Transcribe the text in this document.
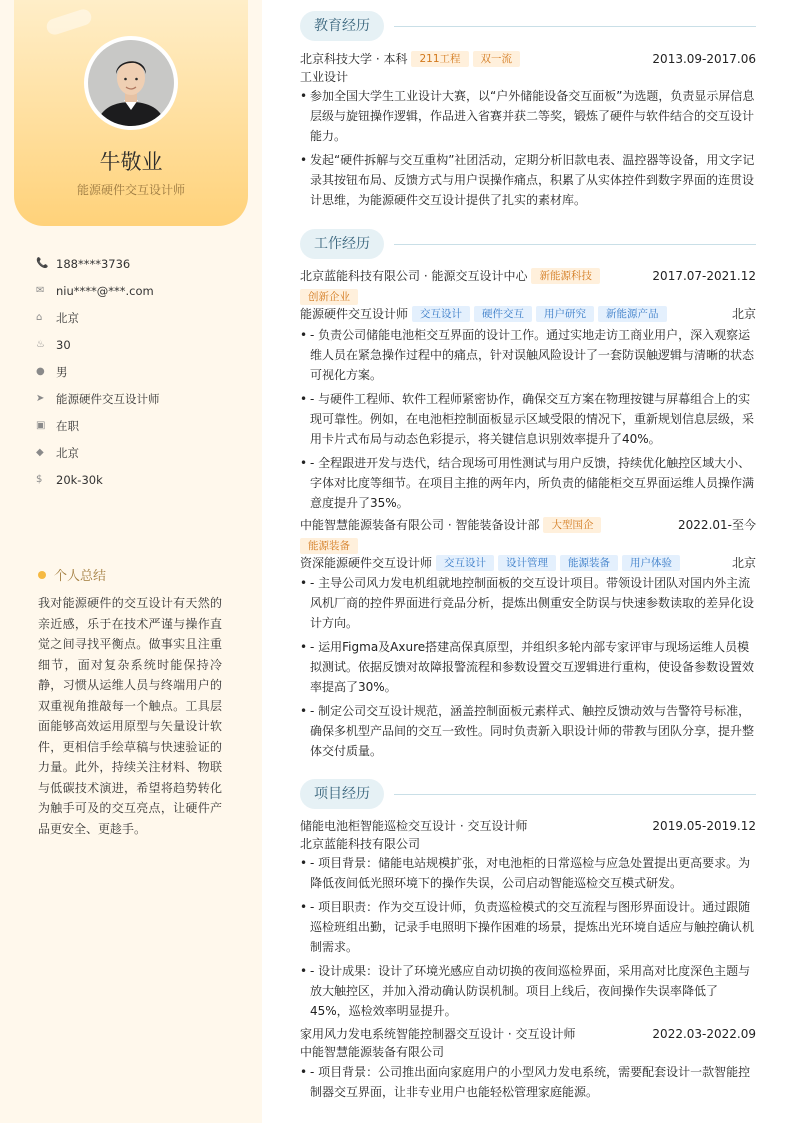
牛敬业
能源硬件交互设计师
📞 188****3736
✉	niu****@***.com
⌂	北京
♨ 30
● 男
➤	能源硬件交互设计师
▣ 在职
◆	北京
$	20k-30k
个人总结
我对能源硬件的交互设计有天然的亲近感，乐于在技术严谨与操作直觉之间寻找平衡点。做事实且注重细节，面对复杂系统时能保持冷静，习惯从运维人员与终端用户的双重视角推敲每一个触点。工具层面能够高效运用原型与矢量设计软件，更相信手绘草稿与快速验证的力量。此外，持续关注材料、物联与低碳技术演进，希望将趋势转化为触手可及的交互亮点，让硬件产品更安全、更趁手。
教育经历
北京科技大学 · 本科 211工程 双一流	2013.09-2017.06
工业设计
• 参加全国大学生工业设计大赛，以“户外储能设备交互面板”为选题，负责显示屏信息层级与旋钮操作逻辑，作品进入省赛并获二等奖，锻炼了硬件与软件结合的交互设计能力。
• 发起“硬件拆解与交互重构”社团活动，定期分析旧款电表、温控器等设备，用文字记录其按钮布局、反馈方式与用户误操作痛点，积累了从实体控件到数字界面的连贯设计思维，为能源硬件交互设计提供了扎实的素材库。
工作经历
北京蓝能科技有限公司 · 能源交互设计中心 新能源科技	2017.07-2021.12
创新企业
能源硬件交互设计师 交互设计 硬件交互 用户研究 新能源产品	北京
• - 负责公司储能电池柜交互界面的设计工作。通过实地走访工商业用户，深入观察运维人员在紧急操作过程中的痛点，针对误触风险设计了一套防误触逻辑与清晰的状态可视化方案。
• - 与硬件工程师、软件工程师紧密协作，确保交互方案在物理按键与屏幕组合上的实现可靠性。例如，在电池柜控制面板显示区域受限的情况下，重新规划信息层级，采用卡片式布局与动态色彩提示，将关键信息识别效率提升了40%。
• - 全程跟进开发与迭代，结合现场可用性测试与用户反馈，持续优化触控区域大小、字体对比度等细节。在项目主推的两年内，所负责的储能柜交互界面运维人员操作满意度提升了35%。
中能智慧能源装备有限公司 · 智能装备设计部 大型国企	2022.01-至今
能源装备
资深能源硬件交互设计师 交互设计 设计管理 能源装备 用户体验	北京
• - 主导公司风力发电机组就地控制面板的交互设计项目。带领设计团队对国内外主流风机厂商的控件界面进行竞品分析，提炼出侧重安全防误与快速参数读取的差异化设计方向。
• - 运用Figma及Axure搭建高保真原型，并组织多轮内部专家评审与现场运维人员模拟测试。依据反馈对故障报警流程和参数设置交互逻辑进行重构，使设备参数设置效率提高了30%。
• - 制定公司交互设计规范，涵盖控制面板元素样式、触控反馈动效与告警符号标准，确保多机型产品间的交互一致性。同时负责新入职设计师的带教与团队分享，提升整体交付质量。
项目经历
储能电池柜智能巡检交互设计 · 交互设计师	2019.05-2019.12
北京蓝能科技有限公司
• - 项目背景：储能电站规模扩张，对电池柜的日常巡检与应急处置提出更高要求。为降低夜间低光照环境下的操作失误，公司启动智能巡检交互模式研发。
• - 项目职责：作为交互设计师，负责巡检模式的交互流程与图形界面设计。通过跟随巡检班组出勤，记录手电照明下操作困难的场景，提炼出光环境自适应与触控确认机制需求。
• - 设计成果：设计了环境光感应自动切换的夜间巡检界面，采用高对比度深色主题与放大触控区，并加入滑动确认防误机制。项目上线后，夜间操作失误率降低了45%，巡检效率明显提升。
家用风力发电系统智能控制器交互设计 · 交互设计师	2022.03-2022.09
中能智慧能源装备有限公司
• - 项目背景：公司推出面向家庭用户的小型风力发电系统，需要配套设计一款智能控制器交互界面，让非专业用户也能轻松管理家庭能源。
